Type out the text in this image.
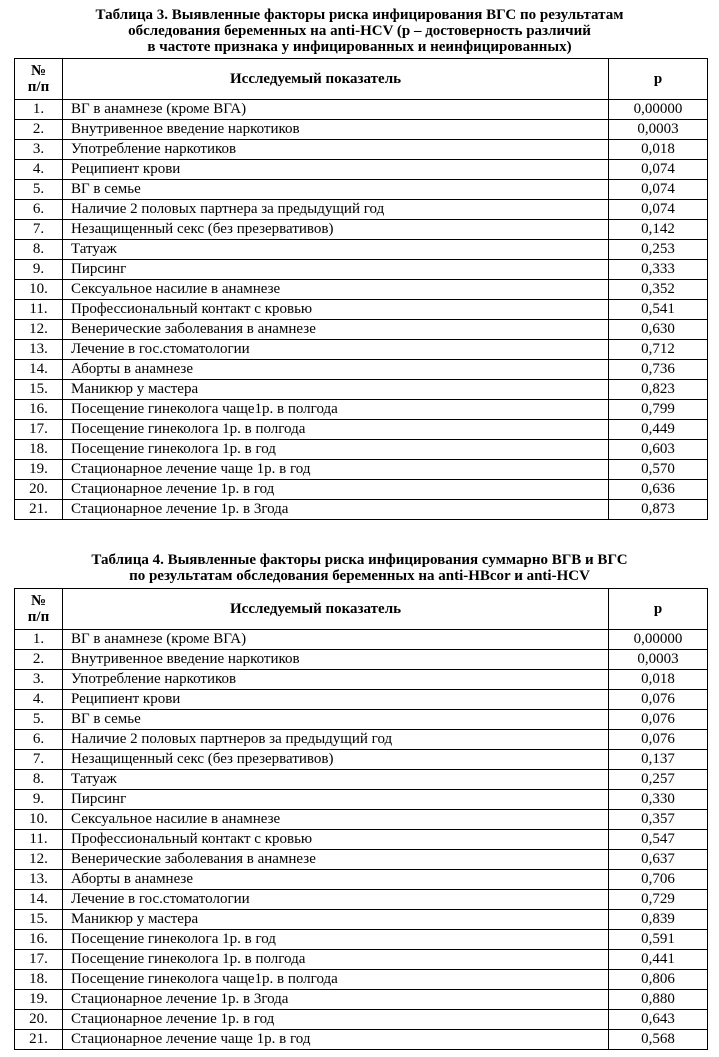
Таблица 3. Выявленные факторы риска инфицирования ВГС по результатам
обследования беременных на anti-HCV (p – достоверность различий
в частоте признака у инфицированных и неинфицированных)
№
п/п	Исследуемый показатель	p
1.	ВГ в анамнезе (кроме ВГА)	0,00000
2.	Внутривенное введение наркотиков	0,0003
3.	Употребление наркотиков	0,018
4.	Реципиент крови	0,074
5.	ВГ в семье	0,074
6.	Наличие 2 половых партнера за предыдущий год	0,074
7.	Незащищенный секс (без презервативов)	0,142
8.	Татуаж	0,253
9.	Пирсинг	0,333
10.	Сексуальное насилие в анамнезе	0,352
11.	Профессиональный контакт с кровью	0,541
12.	Венерические заболевания в анамнезе	0,630
13.	Лечение в гос.стоматологии	0,712
14.	Аборты в анамнезе	0,736
15.	Маникюр у мастера	0,823
16.	Посещение гинеколога чаще1р. в полгода	0,799
17.	Посещение гинеколога 1р. в полгода	0,449
18.	Посещение гинеколога 1р. в год	0,603
19.	Стационарное лечение чаще 1р. в год	0,570
20.	Стационарное лечение 1р. в год	0,636
21.	Стационарное лечение 1р. в 3года	0,873
Таблица 4. Выявленные факторы риска инфицирования суммарно ВГВ и ВГС
по результатам обследования беременных на anti-HBcor и anti-HCV
№
п/п	Исследуемый показатель	p
1.	ВГ в анамнезе (кроме ВГА)	0,00000
2.	Внутривенное введение наркотиков	0,0003
3.	Употребление наркотиков	0,018
4.	Реципиент крови	0,076
5.	ВГ в семье	0,076
6.	Наличие 2 половых партнеров за предыдущий год	0,076
7.	Незащищенный секс (без презервативов)	0,137
8.	Татуаж	0,257
9.	Пирсинг	0,330
10.	Сексуальное насилие в анамнезе	0,357
11.	Профессиональный контакт с кровью	0,547
12.	Венерические заболевания в анамнезе	0,637
13.	Аборты в анамнезе	0,706
14.	Лечение в гос.стоматологии	0,729
15.	Маникюр у мастера	0,839
16.	Посещение гинеколога 1р. в год	0,591
17.	Посещение гинеколога 1р. в полгода	0,441
18.	Посещение гинеколога чаще1р. в полгода	0,806
19.	Стационарное лечение 1р. в 3года	0,880
20.	Стационарное лечение 1р. в год	0,643
21.	Стационарное лечение чаще 1р. в год	0,568
